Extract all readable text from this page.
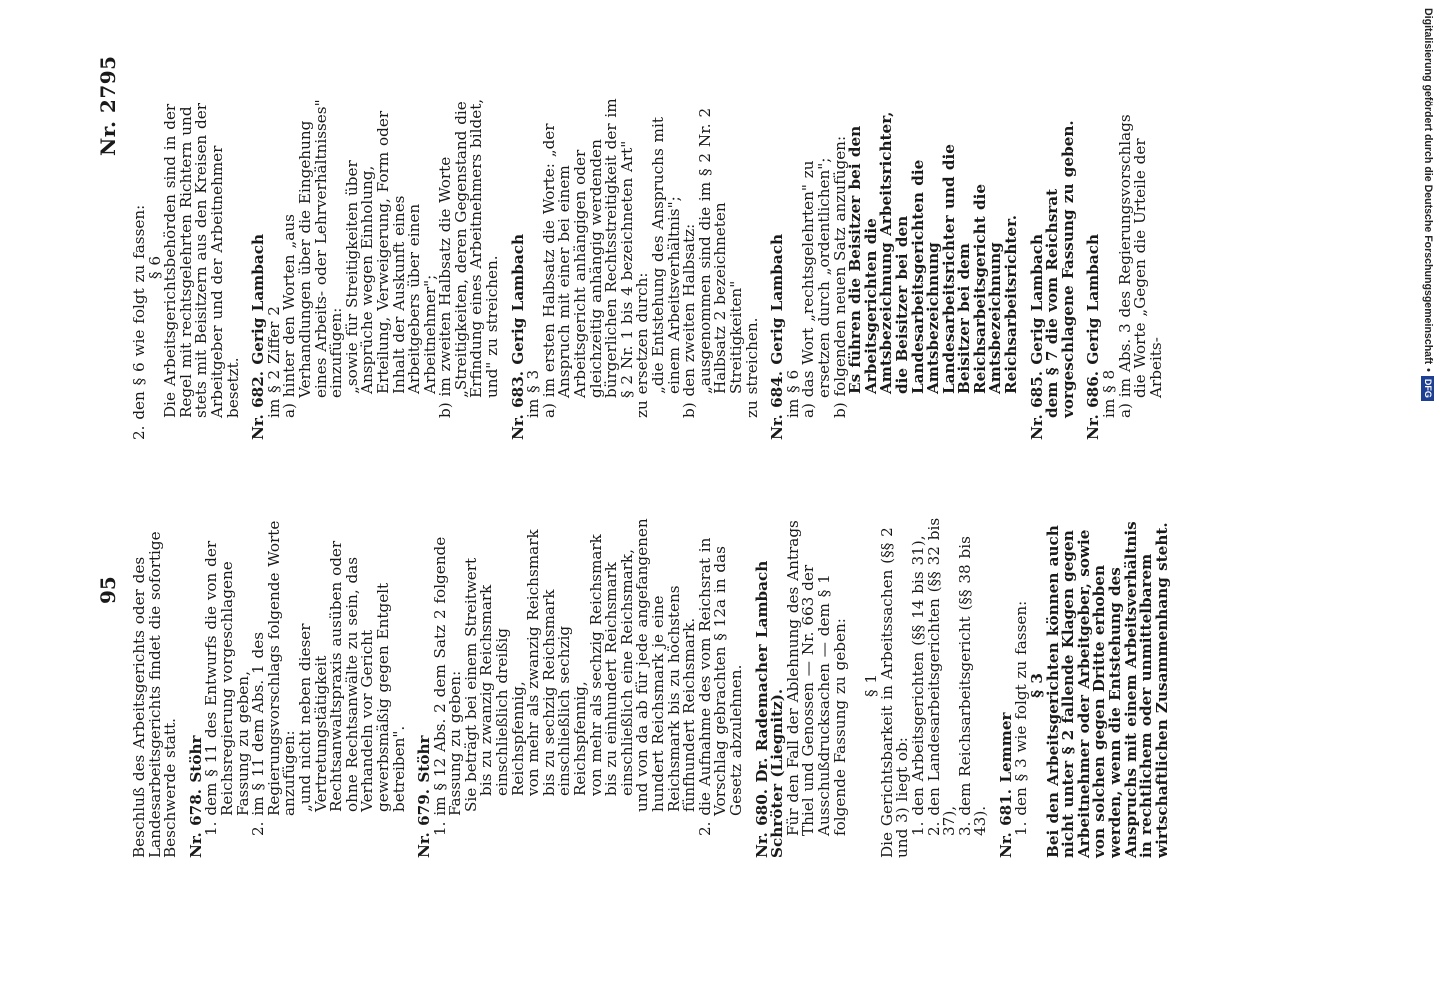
95
Nr. 2795

Beschluß des Arbeitsgerichts oder des Landesarbeitsgerichts findet die sofortige Beschwerde statt. Nr. 678. Stöhr

1. dem § 11 des Entwurfs die von der Reichsregierung vorgeschlagene Fassung zu geben,

2. im § 11 dem Abs. 1 des Regierungsvorschlags folgende Worte anzufügen:

„und nicht neben dieser Vertretungstätigkeit Rechtsanwaltspraxis ausüben oder ohne Rechtsanwälte zu sein, das Verhandeln vor Gericht gewerbsmäßig gegen Entgelt betreiben". Nr. 679. Stöhr

1. im § 12 Abs. 2 dem Satz 2 folgende Fassung zu geben:

Sie beträgt bei einem Streitwert

bis zu zwanzig Reichsmark einschließlich dreißig Reichspfennig,

von mehr als zwanzig Reichsmark bis zu sechzig Reichsmark einschließlich sechzig Reichspfennig,

von mehr als sechzig Reichsmark bis zu einhundert Reichsmark einschließlich eine Reichsmark,

und von da ab für jede angefangenen hundert Reichsmark je eine Reichsmark bis zu höchstens fünfhundert Reichsmark.

2. die Aufnahme des vom Reichsrat in Vorschlag gebrachten § 12a in das Gesetz abzulehnen. Nr. 680. Dr. Rademacher Lambach Schröter (Liegnitz).

Für den Fall der Ablehnung des Antrags Thiel und Genossen — Nr. 663 der Ausschußdrucksachen — dem § 1 folgende Fassung zu geben: § 1

Die Gerichtsbarkeit in Arbeitssachen (§§ 2 und 3) liegt ob:

1. den Arbeitsgerichten (§§ 14 bis 31),

2. den Landesarbeitsgerichten (§§ 32 bis 37),

3. dem Reichsarbeitsgericht (§§ 38 bis 43). Nr. 681. Lemmer

1. den § 3 wie folgt zu fassen:

§ 3

Bei den Arbeitsgerichten können auch nicht unter § 2 fallende Klagen gegen Arbeitnehmer oder Arbeitgeber, sowie von solchen gegen Dritte erhoben werden, wenn die Entstehung des Anspruchs mit einem Arbeitsverhältnis in rechtlichem oder unmittelbarem wirtschaftlichen Zusammenhang steht.

2. den § 6 wie folgt zu fassen:

§ 6

Die Arbeitsgerichtsbehörden sind in der Regel mit rechtsgelehrten Richtern und stets mit Beisitzern aus den Kreisen der Arbeitgeber und der Arbeitnehmer besetzt. Nr. 682. Gerig Lambach

im § 2 Ziffer 2

a) hinter den Worten „aus Verhandlungen über die Eingehung eines Arbeits- oder Lehrverhältnisses" einzufügen:

„sowie für Streitigkeiten über Ansprüche wegen Einholung, Erteilung, Verweigerung, Form oder Inhalt der Auskunft eines Arbeitgebers über einen Arbeitnehmer";

b) im zweiten Halbsatz die Worte „Streitigkeiten, deren Gegenstand die Erfindung eines Arbeitnehmers bildet, und" zu streichen. Nr. 683. Gerig Lambach

im § 3

a) im ersten Halbsatz die Worte: „der Anspruch mit einer bei einem Arbeitsgericht anhängigen oder gleichzeitig anhängig werdenden bürgerlichen Rechtsstreitigkeit der im § 2 Nr. 1 bis 4 bezeichneten Art"

zu ersetzen durch:

„die Entstehung des Anspruchs mit einem Arbeitsverhältnis";

b) den zweiten Halbsatz:

„ausgenommen sind die im § 2 Nr. 2 Halbsatz 2 bezeichneten Streitigkeiten"

zu streichen. Nr. 684. Gerig Lambach

im § 6

a) das Wort „rechtsgelehrten" zu ersetzen durch „ordentlichen";

b) folgenden neuen Satz anzufügen:

Es führen die Beisitzer bei den Arbeitsgerichten die Amtsbezeichnung Arbeitsrichter, die Beisitzer bei den Landesarbeitsgerichten die Amtsbezeichnung Landesarbeitsrichter und die Beisitzer bei dem Reichsarbeitsgericht die Amtsbezeichnung Reichsarbeitsrichter. Nr. 685. Gerig Lambach

dem § 7 die vom Reichsrat vorgeschlagene Fassung zu geben. Nr. 686. Gerig Lambach

im § 8

a) im Abs. 3 des Regierungsvorschlags die Worte „Gegen die Urteile der Arbeits-

Digitalisierung gefördert durch die Deutsche Forschungsgemeinschaft
•
DFG
